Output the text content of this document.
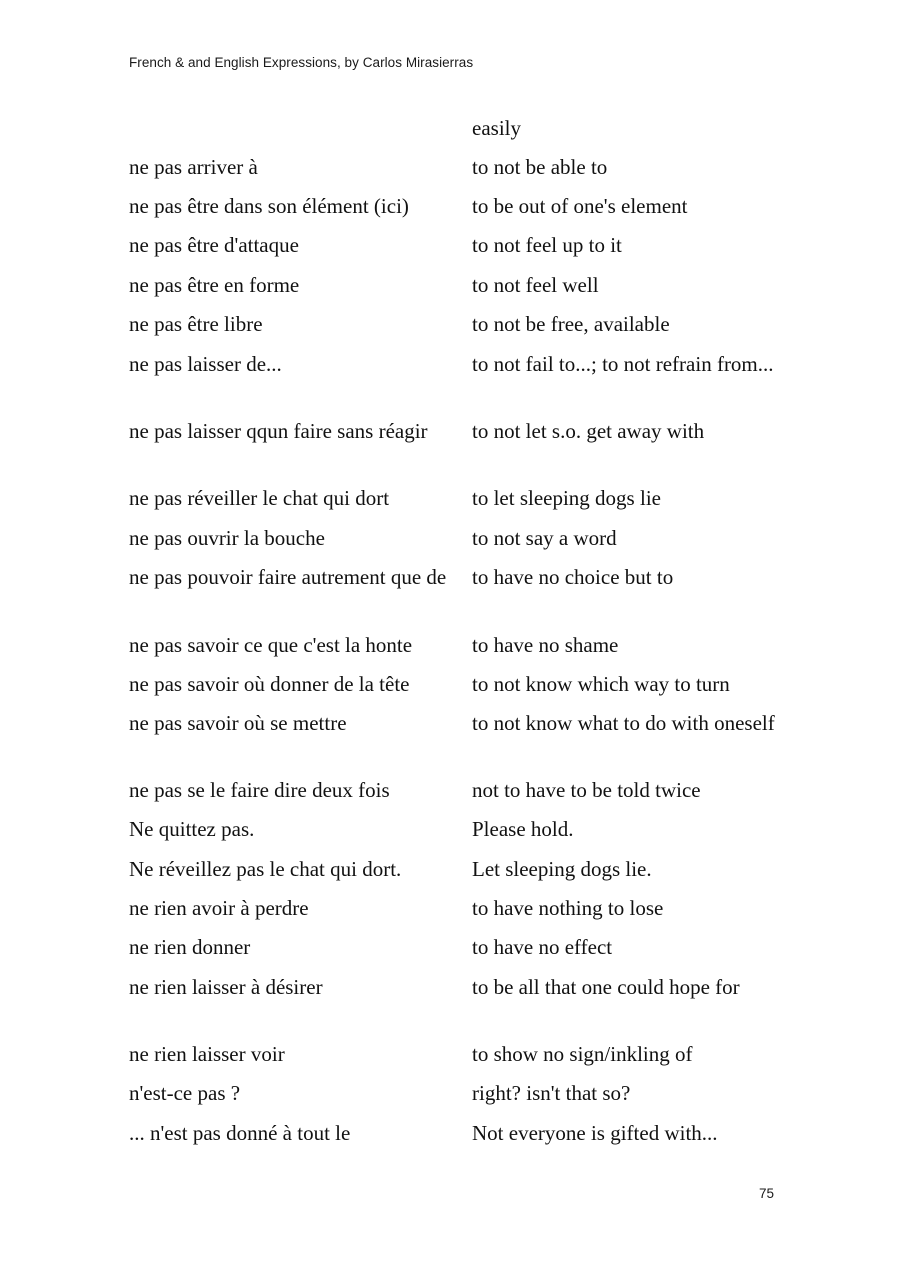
French & and English Expressions, by Carlos Mirasierras
easily
ne pas arriver à	to not be able to
ne pas être dans son élément (ici)	to be out of one's element
ne pas être d'attaque	to not feel up to it
ne pas être en forme	to not feel well
ne pas être libre	to not be free, available
ne pas laisser de...	to not fail to...; to not refrain from...
ne pas laisser qqun faire sans réagir	to not let s.o. get away with
ne pas réveiller le chat qui dort	to let sleeping dogs lie
ne pas ouvrir la bouche	to not say a word
ne pas pouvoir faire autrement que de	to have no choice but to
ne pas savoir ce que c'est la honte	to have no shame
ne pas savoir où donner de la tête	to not know which way to turn
ne pas savoir où se mettre	to not know what to do with oneself
ne pas se le faire dire deux fois	not to have to be told twice
Ne quittez pas.	Please hold.
Ne réveillez pas le chat qui dort.	Let sleeping dogs lie.
ne rien avoir à perdre	to have nothing to lose
ne rien donner	to have no effect
ne rien laisser à désirer	to be all that one could hope for
ne rien laisser voir	to show no sign/inkling of
n'est-ce pas ?	right? isn't that so?
... n'est pas donné à tout le	Not everyone is gifted with...
75
